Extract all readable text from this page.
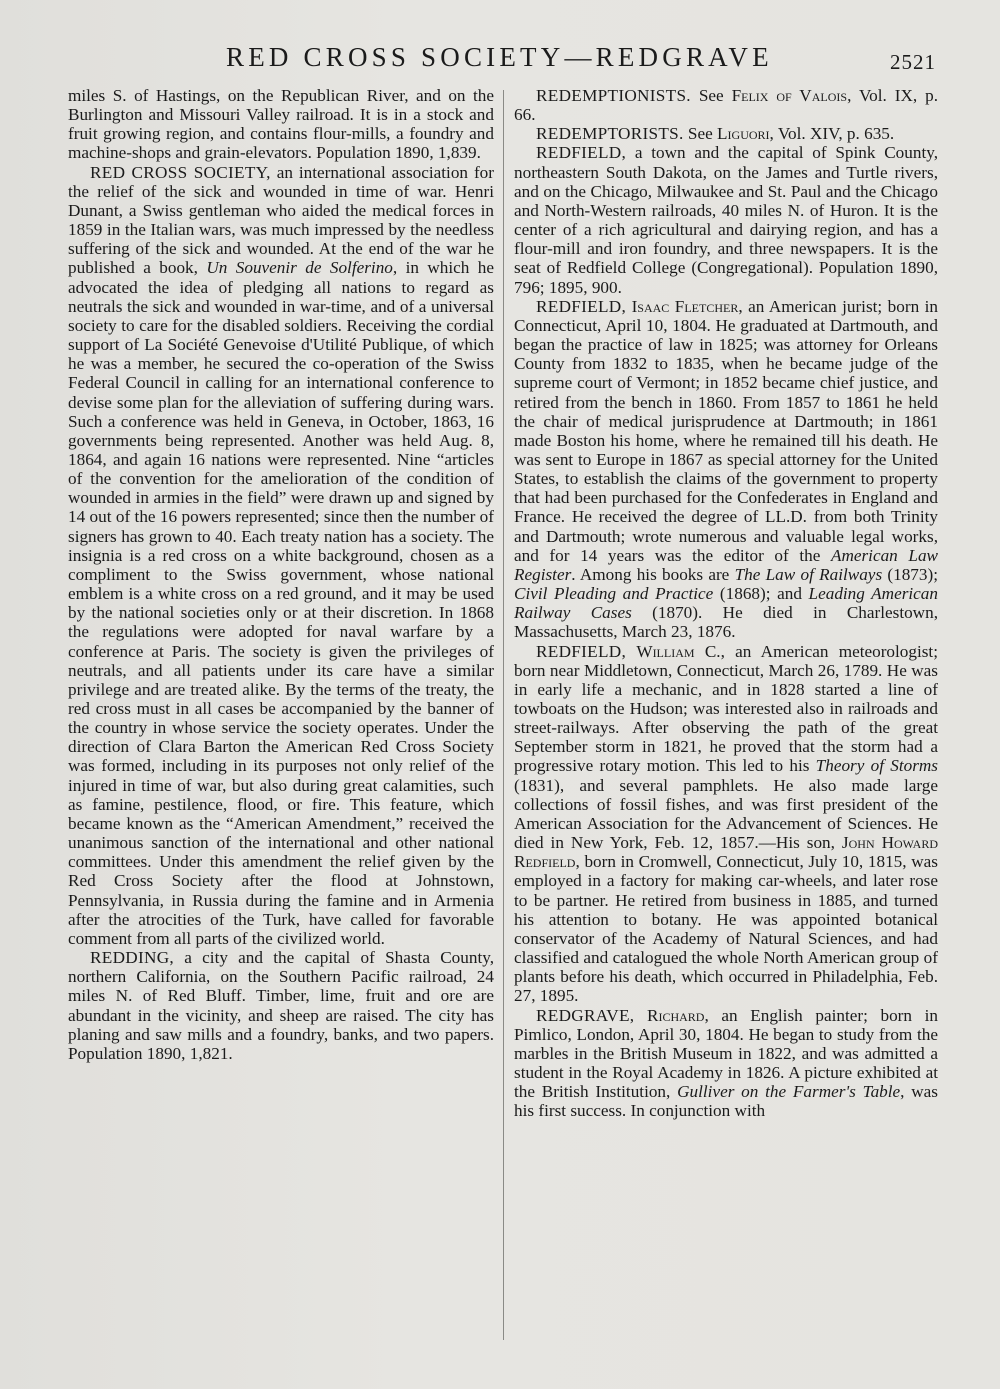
RED CROSS SOCIETY—REDGRAVE	2521

miles S. of Hastings, on the Republican River, and on the Burlington and Missouri Valley railroad. It is in a stock and fruit growing region, and contains flour-mills, a foundry and machine-shops and grain-elevators. Population 1890, 1,839.

RED CROSS SOCIETY, an international association for the relief of the sick and wounded in time of war. Henri Dunant, a Swiss gentleman who aided the medical forces in 1859 in the Italian wars, was much impressed by the needless suffering of the sick and wounded. At the end of the war he published a book, Un Souvenir de Solferino, in which he advocated the idea of pledging all nations to regard as neutrals the sick and wounded in war-time, and of a universal society to care for the disabled soldiers. Receiving the cordial support of La Société Genevoise d'Utilité Publique, of which he was a member, he secured the co-operation of the Swiss Federal Council in calling for an international conference to devise some plan for the alleviation of suffering during wars. Such a conference was held in Geneva, in October, 1863, 16 governments being represented. Another was held Aug. 8, 1864, and again 16 nations were represented. Nine “articles of the convention for the amelioration of the condition of wounded in armies in the field” were drawn up and signed by 14 out of the 16 powers represented; since then the number of signers has grown to 40. Each treaty nation has a society. The insignia is a red cross on a white background, chosen as a compliment to the Swiss government, whose national emblem is a white cross on a red ground, and it may be used by the national societies only or at their discretion. In 1868 the regulations were adopted for naval warfare by a conference at Paris. The society is given the privileges of neutrals, and all patients under its care have a similar privilege and are treated alike. By the terms of the treaty, the red cross must in all cases be accompanied by the banner of the country in whose service the society operates. Under the direction of Clara Barton the American Red Cross Society was formed, including in its purposes not only relief of the injured in time of war, but also during great calamities, such as famine, pestilence, flood, or fire. This feature, which became known as the “American Amendment,” received the unanimous sanction of the international and other national committees. Under this amendment the relief given by the Red Cross Society after the flood at Johnstown, Pennsylvania, in Russia during the famine and in Armenia after the atrocities of the Turk, have called for favorable comment from all parts of the civilized world.

REDDING, a city and the capital of Shasta County, northern California, on the Southern Pacific railroad, 24 miles N. of Red Bluff. Timber, lime, fruit and ore are abundant in the vicinity, and sheep are raised. The city has planing and saw mills and a foundry, banks, and two papers. Population 1890, 1,821.

REDEMPTIONISTS. See Felix of Valois, Vol. IX, p. 66.

REDEMPTORISTS. See Liguori, Vol. XIV, p. 635.

REDFIELD, a town and the capital of Spink County, northeastern South Dakota, on the James and Turtle rivers, and on the Chicago, Milwaukee and St. Paul and the Chicago and North-Western railroads, 40 miles N. of Huron. It is the center of a rich agricultural and dairying region, and has a flour-mill and iron foundry, and three newspapers. It is the seat of Redfield College (Congregational). Population 1890, 796; 1895, 900.

REDFIELD, Isaac Fletcher, an American jurist; born in Connecticut, April 10, 1804. He graduated at Dartmouth, and began the practice of law in 1825; was attorney for Orleans County from 1832 to 1835, when he became judge of the supreme court of Vermont; in 1852 became chief justice, and retired from the bench in 1860. From 1857 to 1861 he held the chair of medical jurisprudence at Dartmouth; in 1861 made Boston his home, where he remained till his death. He was sent to Europe in 1867 as special attorney for the United States, to establish the claims of the government to property that had been purchased for the Confederates in England and France. He received the degree of LL.D. from both Trinity and Dartmouth; wrote numerous and valuable legal works, and for 14 years was the editor of the American Law Register. Among his books are The Law of Railways (1873); Civil Pleading and Practice (1868); and Leading American Railway Cases (1870). He died in Charlestown, Massachusetts, March 23, 1876.

REDFIELD, William C., an American meteorologist; born near Middletown, Connecticut, March 26, 1789. He was in early life a mechanic, and in 1828 started a line of towboats on the Hudson; was interested also in railroads and street-railways. After observing the path of the great September storm in 1821, he proved that the storm had a progressive rotary motion. This led to his Theory of Storms (1831), and several pamphlets. He also made large collections of fossil fishes, and was first president of the American Association for the Advancement of Sciences. He died in New York, Feb. 12, 1857.—His son, John Howard Redfield, born in Cromwell, Connecticut, July 10, 1815, was employed in a factory for making car-wheels, and later rose to be partner. He retired from business in 1885, and turned his attention to botany. He was appointed botanical conservator of the Academy of Natural Sciences, and had classified and catalogued the whole North American group of plants before his death, which occurred in Philadelphia, Feb. 27, 1895.

REDGRAVE, Richard, an English painter; born in Pimlico, London, April 30, 1804. He began to study from the marbles in the British Museum in 1822, and was admitted a student in the Royal Academy in 1826. A picture exhibited at the British Institution, Gulliver on the Farmer's Table, was his first success. In conjunction with
